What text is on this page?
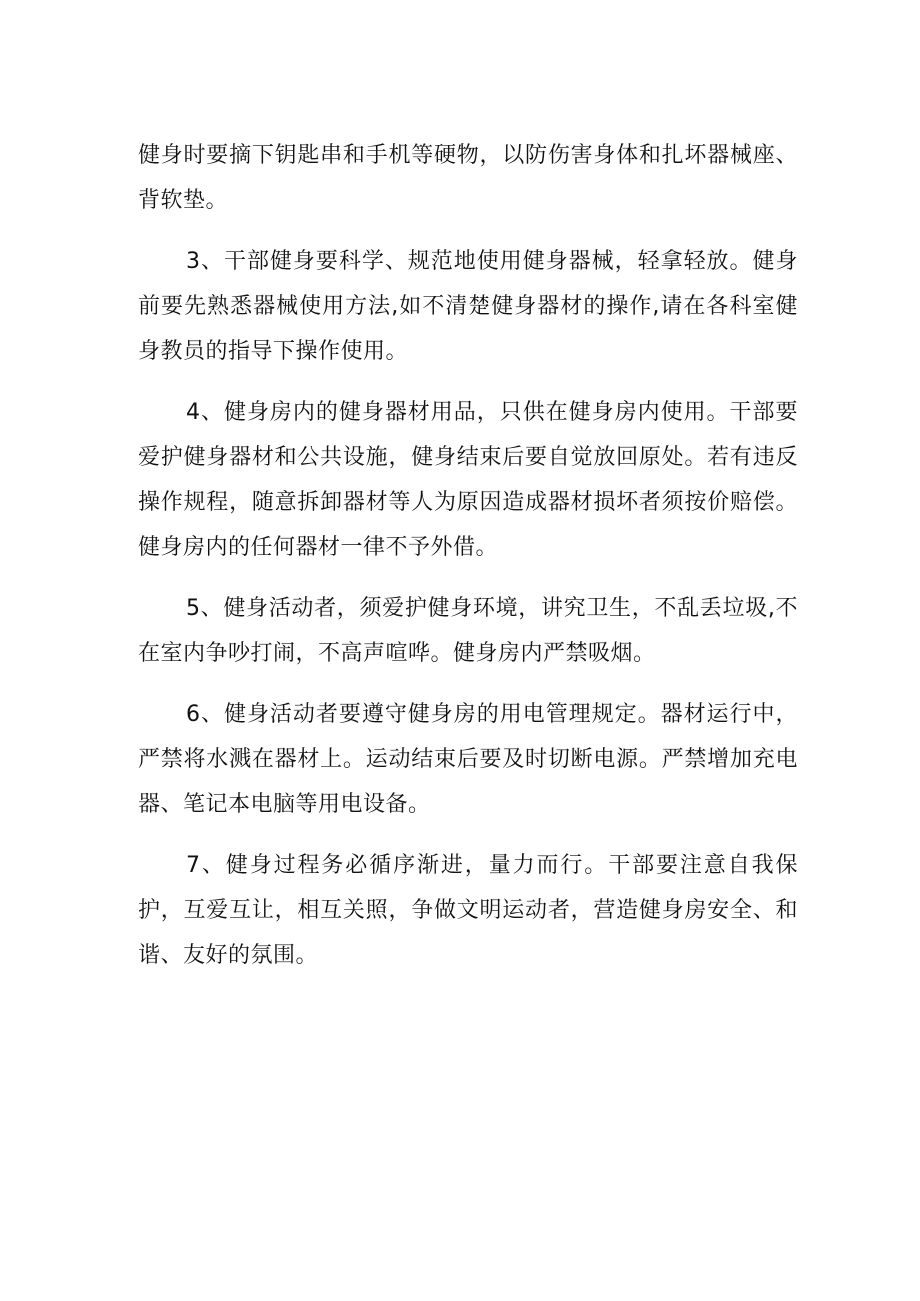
健身时要摘下钥匙串和手机等硬物，以防伤害身体和扎坏器械座、背软垫。

3、干部健身要科学、规范地使用健身器械，轻拿轻放。健身前要先熟悉器械使用方法,如不清楚健身器材的操作,请在各科室健身教员的指导下操作使用。

4、健身房内的健身器材用品，只供在健身房内使用。干部要爱护健身器材和公共设施，健身结束后要自觉放回原处。若有违反操作规程，随意拆卸器材等人为原因造成器材损坏者须按价赔偿。健身房内的任何器材一律不予外借。

5、健身活动者，须爱护健身环境，讲究卫生，不乱丢垃圾,不在室内争吵打闹，不高声喧哗。健身房内严禁吸烟。

6、健身活动者要遵守健身房的用电管理规定。器材运行中，严禁将水溅在器材上。运动结束后要及时切断电源。严禁增加充电器、笔记本电脑等用电设备。

7、健身过程务必循序渐进，量力而行。干部要注意自我保护，互爱互让，相互关照，争做文明运动者，营造健身房安全、和谐、友好的氛围。
